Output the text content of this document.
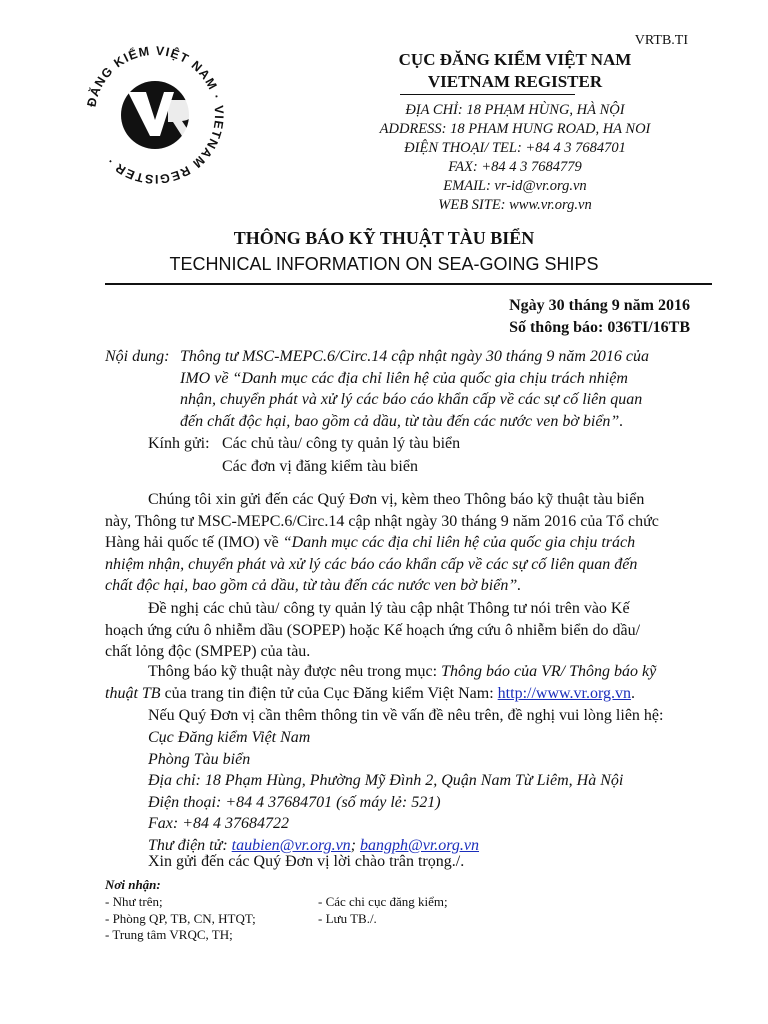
VRTB.TI
ĐĂNG KIỂM VIỆT NAM · VIETNAM REGISTER ·
CỤC ĐĂNG KIỂM VIỆT NAM
VIETNAM REGISTER
ĐỊA CHỈ: 18 PHẠM HÙNG, HÀ NỘI
ADDRESS: 18 PHAM HUNG ROAD, HA NOI
ĐIỆN THOẠI/ TEL: +84 4 3 7684701
FAX: +84 4 3 7684779
EMAIL: vr-id@vr.org.vn
WEB SITE: www.vr.org.vn
THÔNG BÁO KỸ THUẬT TÀU BIỂN
TECHNICAL INFORMATION ON SEA-GOING SHIPS
Ngày 30 tháng 9 năm 2016
Số thông báo: 036TI/16TB
Nội dung: Thông tư MSC-MEPC.6/Circ.14 cập nhật ngày 30 tháng 9 năm 2016 của
IMO về “Danh mục các địa chỉ liên hệ của quốc gia chịu trách nhiệm
nhận, chuyển phát và xử lý các báo cáo khẩn cấp về các sự cố liên quan
đến chất độc hại, bao gồm cả dầu, từ tàu đến các nước ven bờ biển”.
Kính gửi: Các chủ tàu/ công ty quản lý tàu biển
Các đơn vị đăng kiểm tàu biển
Chúng tôi xin gửi đến các Quý Đơn vị, kèm theo Thông báo kỹ thuật tàu biển
này, Thông tư MSC-MEPC.6/Circ.14 cập nhật ngày 30 tháng 9 năm 2016 của Tổ chức
Hàng hải quốc tế (IMO) về “Danh mục các địa chỉ liên hệ của quốc gia chịu trách
nhiệm nhận, chuyển phát và xử lý các báo cáo khẩn cấp về các sự cố liên quan đến
chất độc hại, bao gồm cả dầu, từ tàu đến các nước ven bờ biển”.
Đề nghị các chủ tàu/ công ty quản lý tàu cập nhật Thông tư nói trên vào Kế
hoạch ứng cứu ô nhiễm dầu (SOPEP) hoặc Kế hoạch ứng cứu ô nhiễm biển do dầu/
chất lỏng độc (SMPEP) của tàu.
Thông báo kỹ thuật này được nêu trong mục: Thông báo của VR/ Thông báo kỹ
thuật TB của trang tin điện tử của Cục Đăng kiểm Việt Nam: http://www.vr.org.vn.
Nếu Quý Đơn vị cần thêm thông tin về vấn đề nêu trên, đề nghị vui lòng liên hệ:
Cục Đăng kiểm Việt Nam
Phòng Tàu biển
Địa chỉ: 18 Phạm Hùng, Phường Mỹ Đình 2, Quận Nam Từ Liêm, Hà Nội
Điện thoại: +84 4 37684701 (số máy lẻ: 521)
Fax: +84 4 37684722
Thư điện tử: taubien@vr.org.vn; bangph@vr.org.vn
Xin gửi đến các Quý Đơn vị lời chào trân trọng./.
Nơi nhận:
- Như trên;
- Phòng QP, TB, CN, HTQT;
- Trung tâm VRQC, TH;
- Các chi cục đăng kiểm;
- Lưu TB./.
